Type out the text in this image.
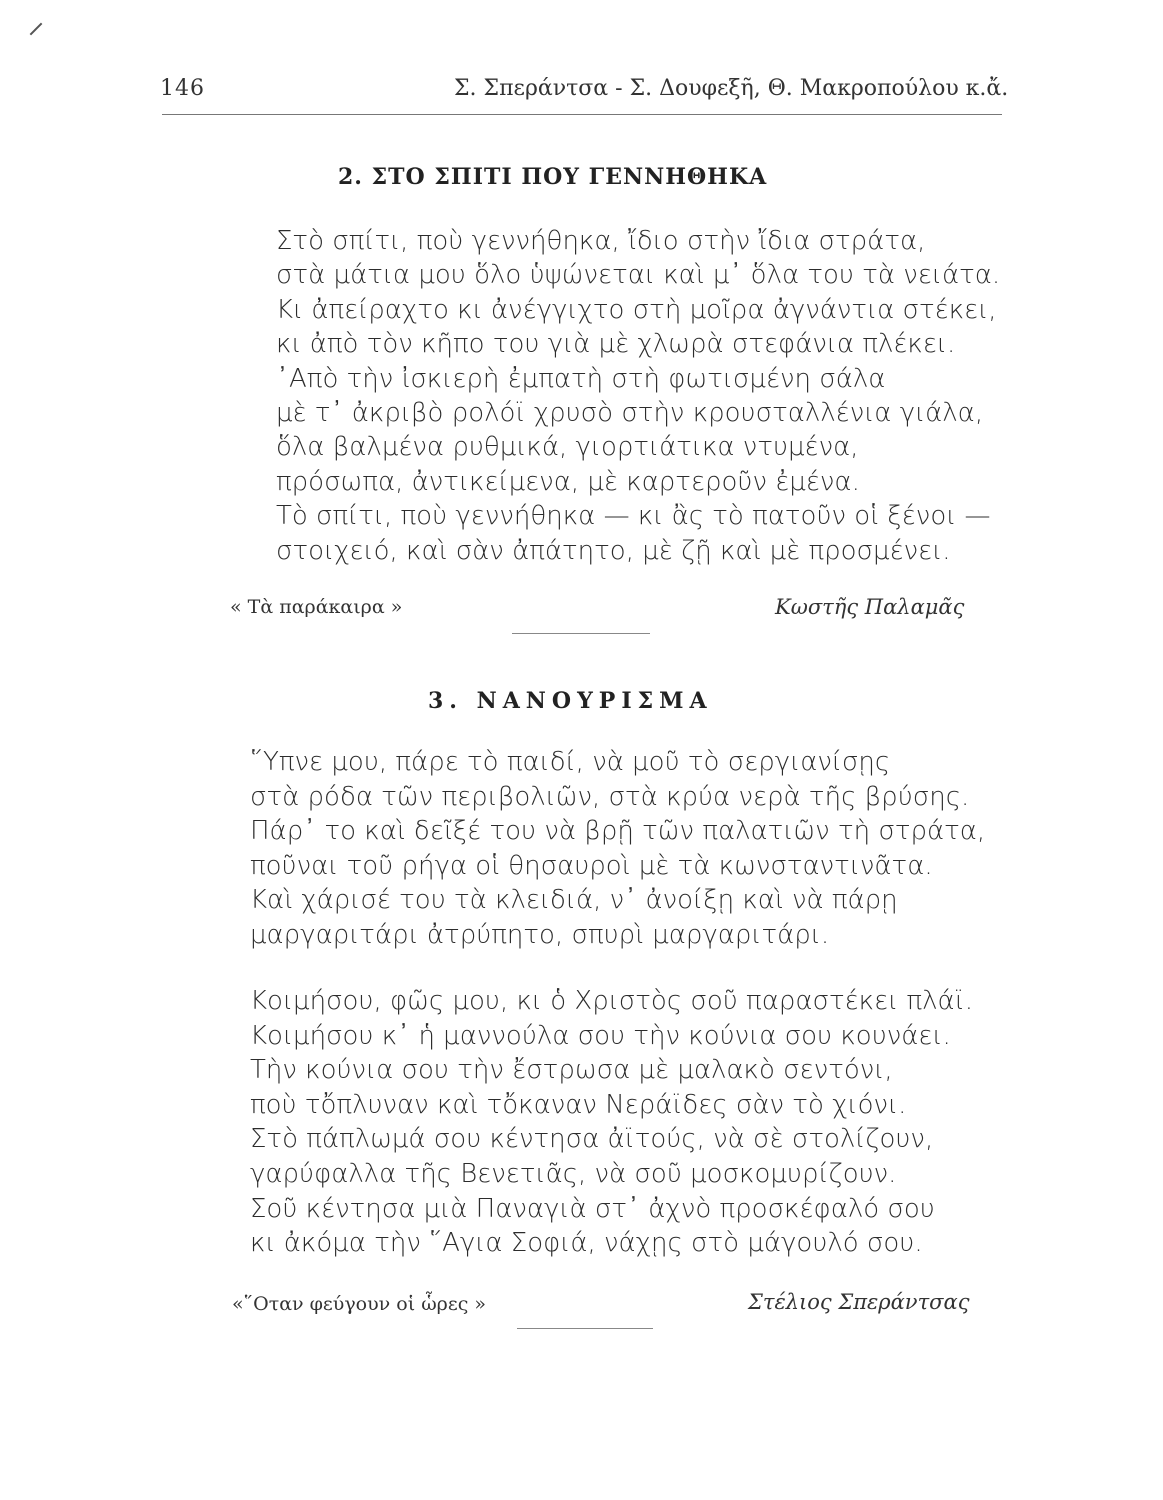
146	Σ. Σπεράντσα - Σ. Δουφεξῆ, Θ. Μακροπούλου κ.ἄ.
2. ΣΤΟ ΣΠΙΤΙ ΠΟΥ ΓΕΝΝΗΘΗΚΑ
Στὸ σπίτι, ποὺ γεννήθηκα, ἴδιο στὴν ἴδια στράτα,
στὰ μάτια μου ὅλο ὑψώνεται καὶ μ᾽ ὅλα του τὰ νειάτα.
Κι ἀπείραχτο κι ἀνέγγιχτο στὴ μοῖρα ἀγνάντια στέκει,
κι ἀπὸ τὸν κῆπο του γιὰ μὲ χλωρὰ στεφάνια πλέκει.
᾽Απὸ τὴν ἰσκιερὴ ἐμπατὴ στὴ φωτισμένη σάλα
μὲ τ᾽ ἀκριβὸ ρολόϊ χρυσὸ στὴν κρουσταλλένια γιάλα,
ὅλα βαλμένα ρυθμικά, γιορτιάτικα ντυμένα,
πρόσωπα, ἀντικείμενα, μὲ καρτεροῦν ἐμένα.
Τὸ σπίτι, ποὺ γεννήθηκα — κι ἂς τὸ πατοῦν οἱ ξένοι —
στοιχειό, καὶ σὰν ἀπάτητο, μὲ ζῇ καὶ μὲ προσμένει.
« Τὰ παράκαιρα »	Κωστῆς Παλαμᾶς
3. ΝΑΝΟΥΡΙΣΜΑ
῞Υπνε μου, πάρε τὸ παιδί, νὰ μοῦ τὸ σεργιανίσῃς
στὰ ρόδα τῶν περιβολιῶν, στὰ κρύα νερὰ τῆς βρύσης.
Πάρ᾽ το καὶ δεῖξέ του νὰ βρῇ τῶν παλατιῶν τὴ στράτα,
ποῦναι τοῦ ρήγα οἱ θησαυροὶ μὲ τὰ κωνσταντινᾶτα.
Καὶ χάρισέ του τὰ κλειδιά, ν᾽ ἀνοίξῃ καὶ νὰ πάρῃ
μαργαριτάρι ἀτρύπητο, σπυρὶ μαργαριτάρι.
Κοιμήσου, φῶς μου, κι ὁ Χριστὸς σοῦ παραστέκει πλάϊ.
Κοιμήσου κ᾽ ἡ μαννούλα σου τὴν κούνια σου κουνάει.
Τὴν κούνια σου τὴν ἔστρωσα μὲ μαλακὸ σεντόνι,
ποὺ τὄπλυναν καὶ τὄκαναν Νεράϊδες σὰν τὸ χιόνι.
Στὸ πάπλωμά σου κέντησα ἀϊτούς, νὰ σὲ στολίζουν,
γαρύφαλλα τῆς Βενετιᾶς, νὰ σοῦ μοσκομυρίζουν.
Σοῦ κέντησα μιὰ Παναγιὰ στ᾽ ἀχνὸ προσκέφαλό σου
κι ἀκόμα τὴν ῞Αγια Σοφιά, νάχῃς στὸ μάγουλό σου.
«῞Οταν φεύγουν οἱ ὧρες »	Στέλιος Σπεράντσας
